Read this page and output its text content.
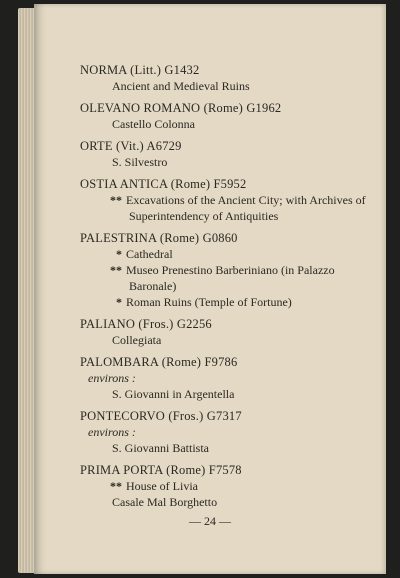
NORMA (Litt.) G1432
Ancient and Medieval Ruins
OLEVANO ROMANO (Rome) G1962
Castello Colonna
ORTE (Vit.) A6729
S. Silvestro
OSTIA ANTICA (Rome) F5952
** Excavations of the Ancient City; with Archives of Superintendency of Antiquities
PALESTRINA (Rome) G0860
* Cathedral
** Museo Prenestino Barberiniano (in Palazzo Baronale)
* Roman Ruins (Temple of Fortune)
PALIANO (Fros.) G2256
Collegiata
PALOMBARA (Rome) F9786
environs :
S. Giovanni in Argentella
PONTECORVO (Fros.) G7317
environs :
S. Giovanni Battista
PRIMA PORTA (Rome) F7578
** House of Livia
Casale Mal Borghetto
— 24 —
